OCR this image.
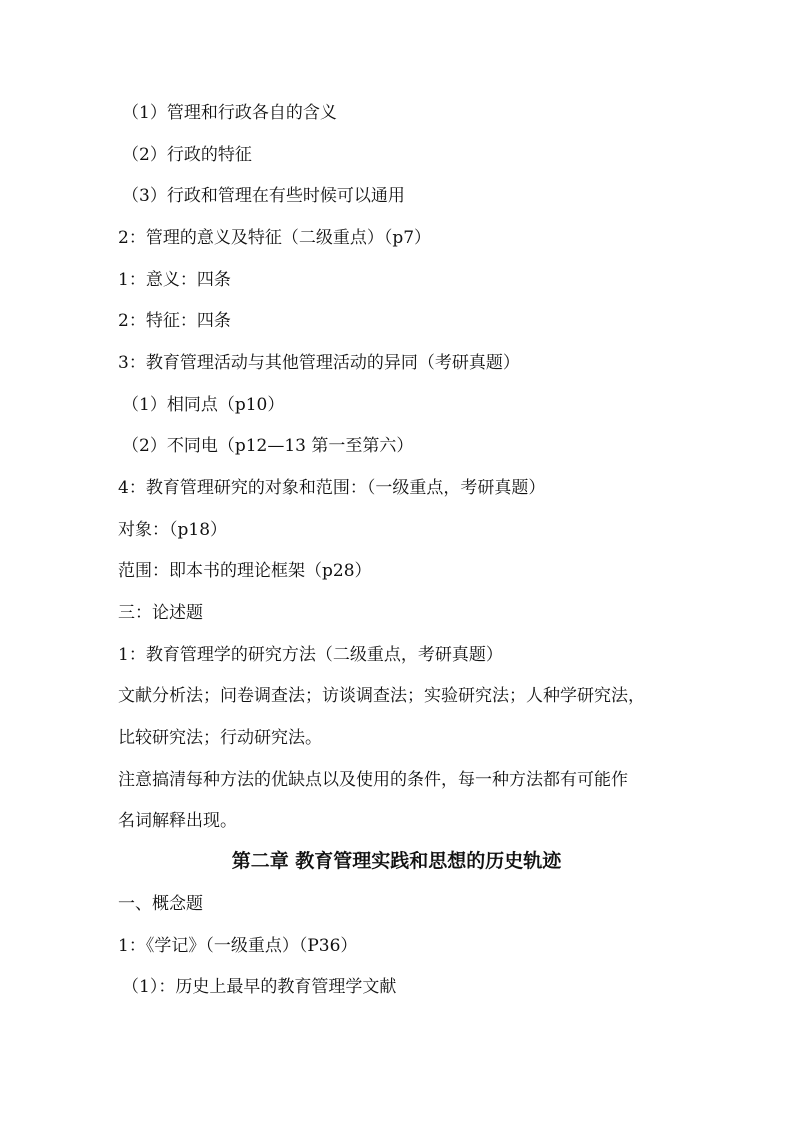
（1）管理和行政各自的含义
（2）行政的特征
（3）行政和管理在有些时候可以通用
2：管理的意义及特征（二级重点）（p7）
1：意义：四条
2：特征：四条
3：教育管理活动与其他管理活动的异同（考研真题）
（1）相同点（p10）
（2）不同电（p12—13 第一至第六）
4：教育管理研究的对象和范围：（一级重点，考研真题）
对象：（p18）
范围：即本书的理论框架（p28）
三：论述题
1：教育管理学的研究方法（二级重点，考研真题）
文献分析法；问卷调查法；访谈调查法；实验研究法；人种学研究法，
比较研究法；行动研究法。
注意搞清每种方法的优缺点以及使用的条件，每一种方法都有可能作
名词解释出现。
第二章 教育管理实践和思想的历史轨迹
一、概念题
1：《学记》（一级重点）（P36）
（1）：历史上最早的教育管理学文献
